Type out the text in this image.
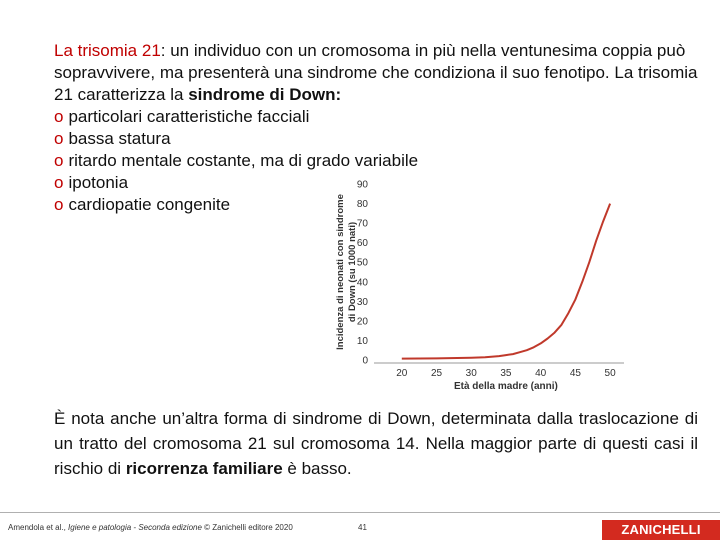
La trisomia 21: un individuo con un cromosoma in più nella ventunesima coppia può sopravvivere, ma presenterà una sindrome che condiziona il suo fenotipo. La trisomia 21 caratterizza la sindrome di Down:

o particolari caratteristiche facciali
o bassa statura
o ritardo mentale costante, ma di grado variabile
o ipotonia
o cardiopatie congenite
0
10
20
30
40
50
60
70
80
90
20 25 30 35 40 45 50
Incidenza di neonati con sindrome di Down (su 1000 nati)
Età della madre (anni)

È nota anche un’altra forma di sindrome di Down, determinata dalla traslocazione di un tratto del cromosoma 21 sul cromosoma 14. Nella maggior parte di questi casi il rischio di ricorrenza familiare è basso.

Amendola et al., Igiene e patologia - Seconda edizione © Zanichelli editore 2020	41	ZANICHELLI
